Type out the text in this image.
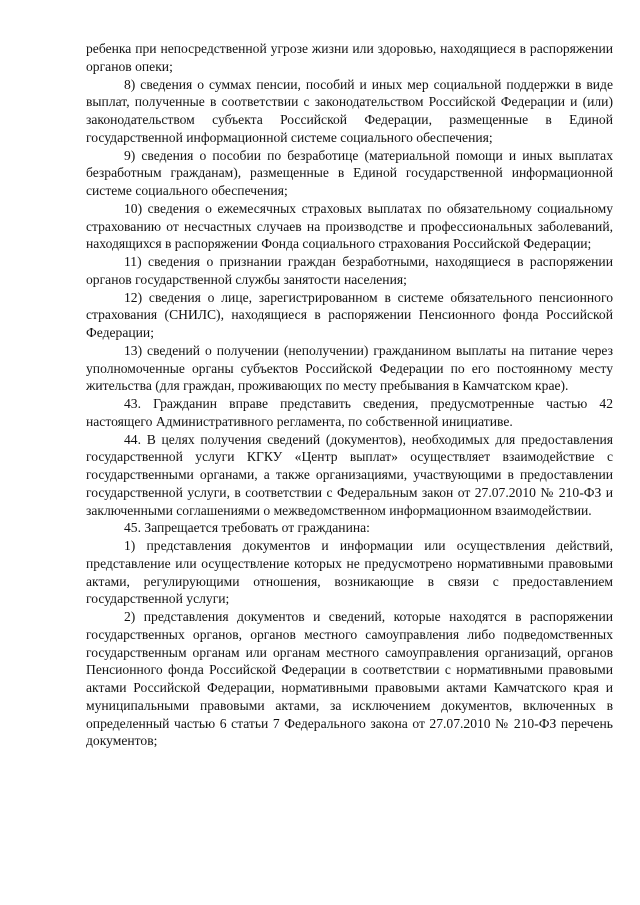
ребенка при непосредственной угрозе жизни или здоровью, находящиеся в распоряжении органов опеки;

8) сведения о суммах пенсии, пособий и иных мер социальной поддержки в виде выплат, полученные в соответствии с законодательством Российской Федерации и (или) законодательством субъекта Российской Федерации, размещенные в Единой государственной информационной системе социального обеспечения;

9) сведения о пособии по безработице (материальной помощи и иных выплатах безработным гражданам), размещенные в Единой государственной информационной системе социального обеспечения;

10) сведения о ежемесячных страховых выплатах по обязательному социальному страхованию от несчастных случаев на производстве и профессиональных заболеваний, находящихся в распоряжении Фонда социального страхования Российской Федерации;

11) сведения о признании граждан безработными, находящиеся в распоряжении органов государственной службы занятости населения;

12) сведения о лице, зарегистрированном в системе обязательного пенсионного страхования (СНИЛС), находящиеся в распоряжении Пенсионного фонда Российской Федерации;

13) сведений о получении (неполучении) гражданином выплаты на питание через уполномоченные органы субъектов Российской Федерации по его постоянному месту жительства (для граждан, проживающих по месту пребывания в Камчатском крае).

43. Гражданин вправе представить сведения, предусмотренные частью 42 настоящего Административного регламента, по собственной инициативе.

44. В целях получения сведений (документов), необходимых для предоставления государственной услуги КГКУ «Центр выплат» осуществляет взаимодействие с государственными органами, а также организациями, участвующими в предоставлении государственной услуги, в соответствии с Федеральным закон от 27.07.2010 № 210-ФЗ и заключенными соглашениями о межведомственном информационном взаимодействии.

45. Запрещается требовать от гражданина:

1) представления документов и информации или осуществления действий, представление или осуществление которых не предусмотрено нормативными правовыми актами, регулирующими отношения, возникающие в связи с предоставлением государственной услуги;

2) представления документов и сведений, которые находятся в распоряжении государственных органов, органов местного самоуправления либо подведомственных государственным органам или органам местного самоуправления организаций, органов Пенсионного фонда Российской Федерации в соответствии с нормативными правовыми актами Российской Федерации, нормативными правовыми актами Камчатского края и муниципальными правовыми актами, за исключением документов, включенных в определенный частью 6 статьи 7 Федерального закона от 27.07.2010 № 210-ФЗ перечень документов;
